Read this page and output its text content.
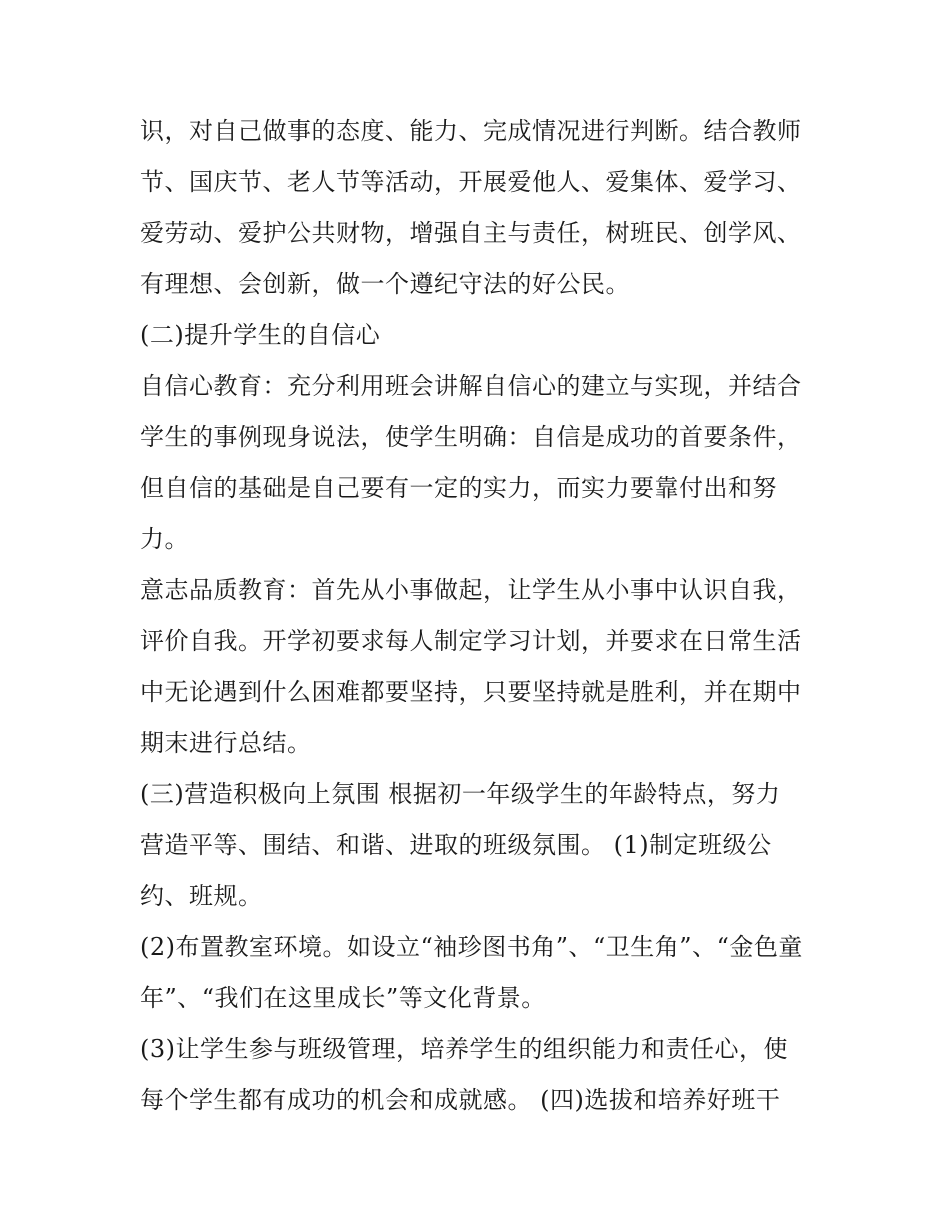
识，对自己做事的态度、能力、完成情况进行判断。结合教师
节、国庆节、老人节等活动，开展爱他人、爱集体、爱学习、
爱劳动、爱护公共财物，增强自主与责任，树班民、创学风、
有理想、会创新，做一个遵纪守法的好公民。
(二)提升学生的自信心
自信心教育：充分利用班会讲解自信心的建立与实现，并结合
学生的事例现身说法，使学生明确：自信是成功的首要条件，
但自信的基础是自己要有一定的实力，而实力要靠付出和努
力。
意志品质教育：首先从小事做起，让学生从小事中认识自我，
评价自我。开学初要求每人制定学习计划，并要求在日常生活
中无论遇到什么困难都要坚持，只要坚持就是胜利，并在期中
期末进行总结。
(三)营造积极向上氛围 根据初一年级学生的年龄特点，努力
营造平等、围结、和谐、进取的班级氛围。 (1)制定班级公
约、班规。
(2)布置教室环境。如设立“袖珍图书角”、“卫生角”、“金色童
年”、“我们在这里成长”等文化背景。
(3)让学生参与班级管理，培养学生的组织能力和责任心，使
每个学生都有成功的机会和成就感。 (四)选拔和培养好班干
